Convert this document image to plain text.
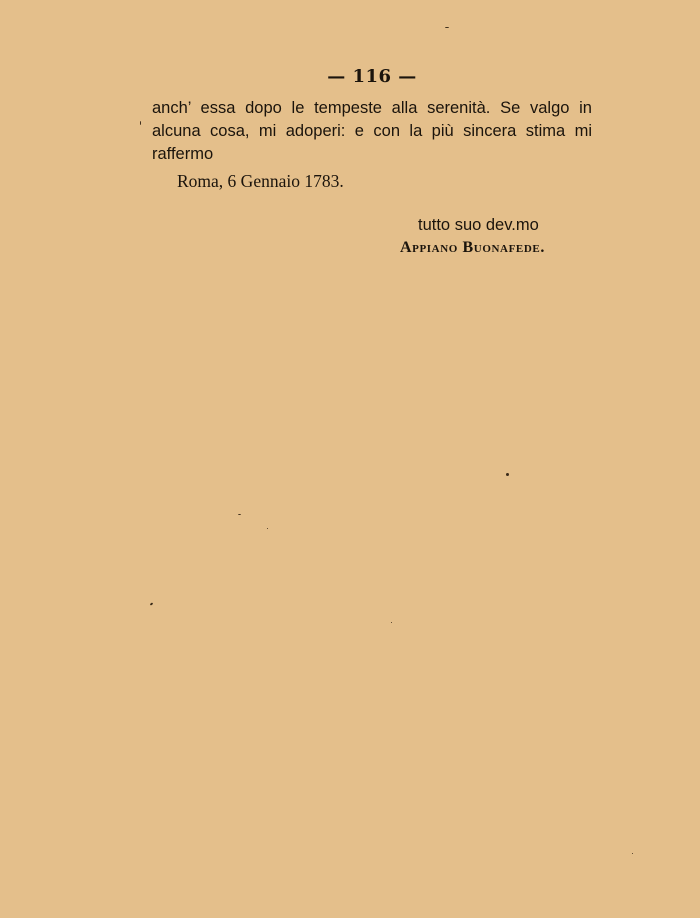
— 116 —
anch’ essa dopo le tempeste alla serenità. Se valgo in
alcuna cosa, mi adoperi: e con la più sincera stima mi
raffermo
Roma, 6 Gennaio 1783.
tutto suo dev.mo
Appiano Buonafede.
